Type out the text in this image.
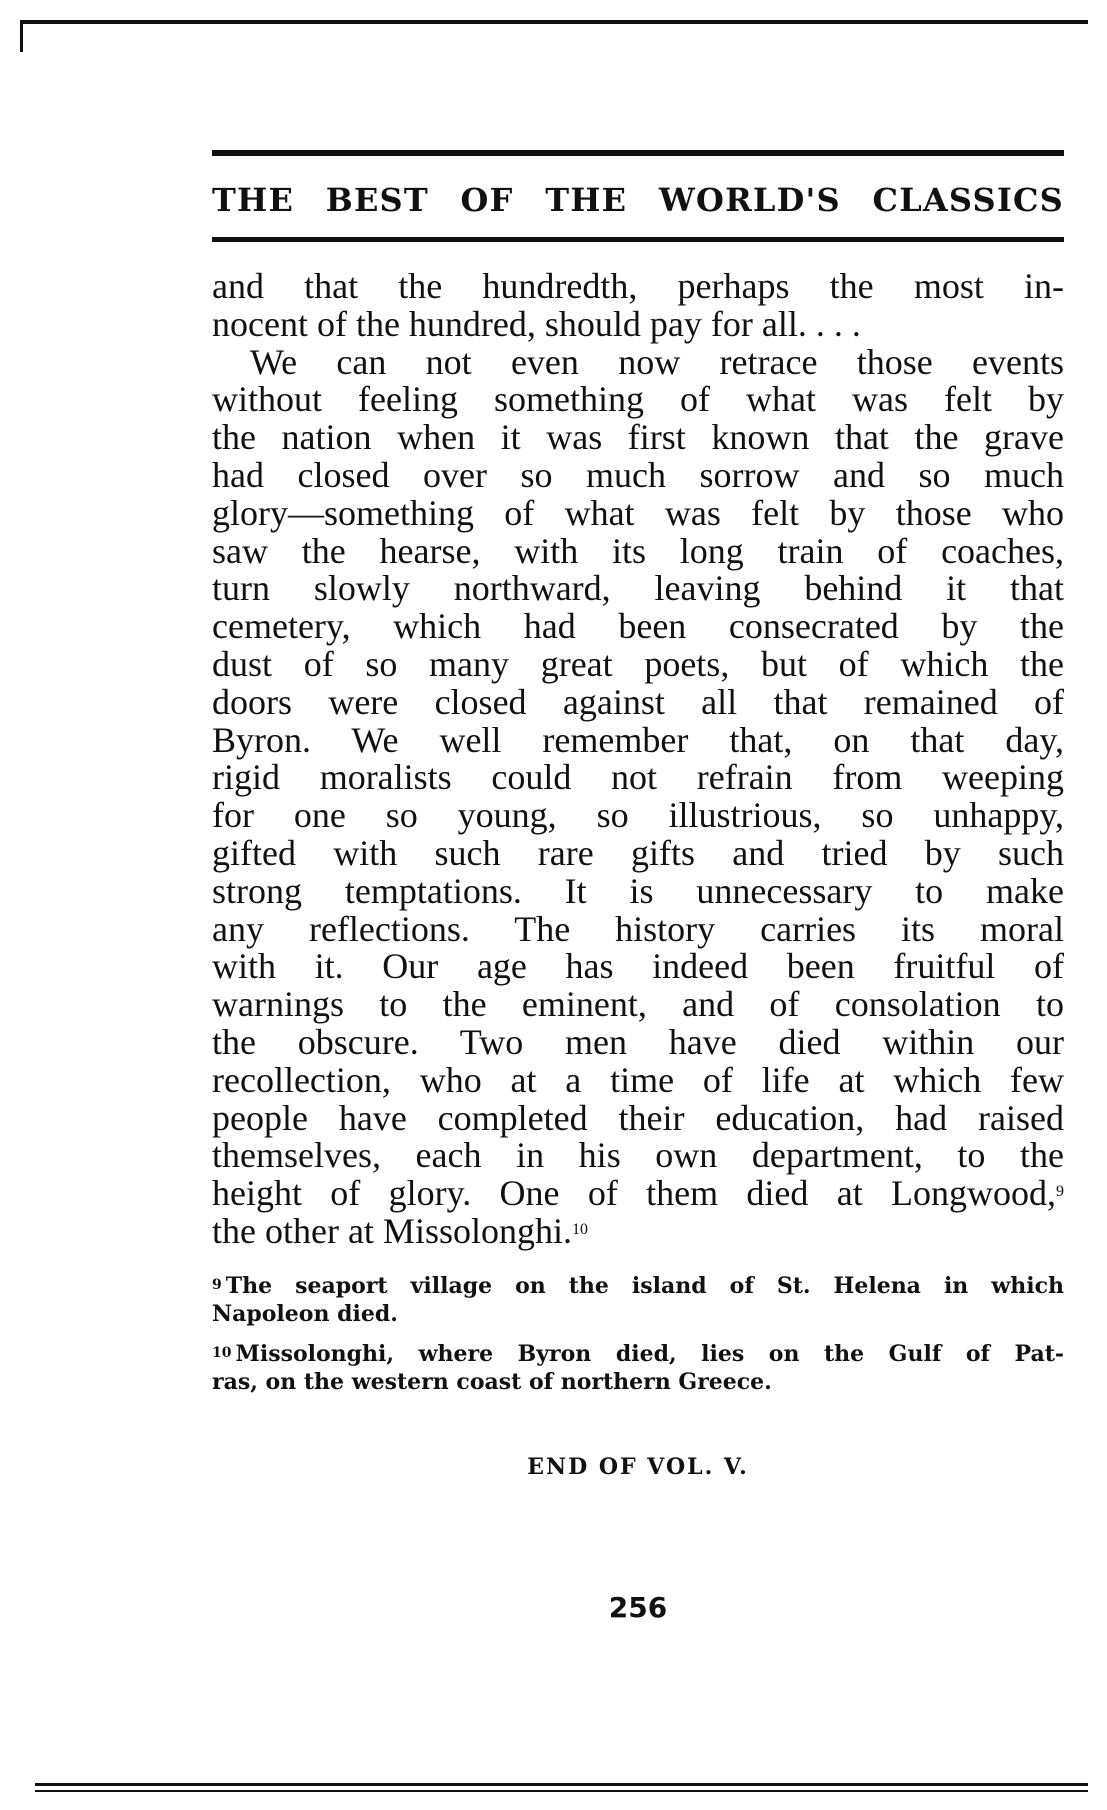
THE BEST OF THE WORLD'S CLASSICS
and that the hundredth, perhaps the most in-
nocent of the hundred, should pay for all. . . .
We can not even now retrace those events
without feeling something of what was felt by
the nation when it was first known that the grave
had closed over so much sorrow and so much
glory—something of what was felt by those who
saw the hearse, with its long train of coaches,
turn slowly northward, leaving behind it that
cemetery, which had been consecrated by the
dust of so many great poets, but of which the
doors were closed against all that remained of
Byron. We well remember that, on that day,
rigid moralists could not refrain from weeping
for one so young, so illustrious, so unhappy,
gifted with such rare gifts and tried by such
strong temptations. It is unnecessary to make
any reflections. The history carries its moral
with it. Our age has indeed been fruitful of
warnings to the eminent, and of consolation to
the obscure. Two men have died within our
recollection, who at a time of life at which few
people have completed their education, had raised
themselves, each in his own department, to the
height of glory. One of them died at Longwood,$^9$
the other at Missolonghi.$^{10}$
$^9$ The seaport village on the island of St. Helena in which
Napoleon died.
$^{10}$ Missolonghi, where Byron died, lies on the Gulf of Pat-
ras, on the western coast of northern Greece.
END OF VOL. V.
256
